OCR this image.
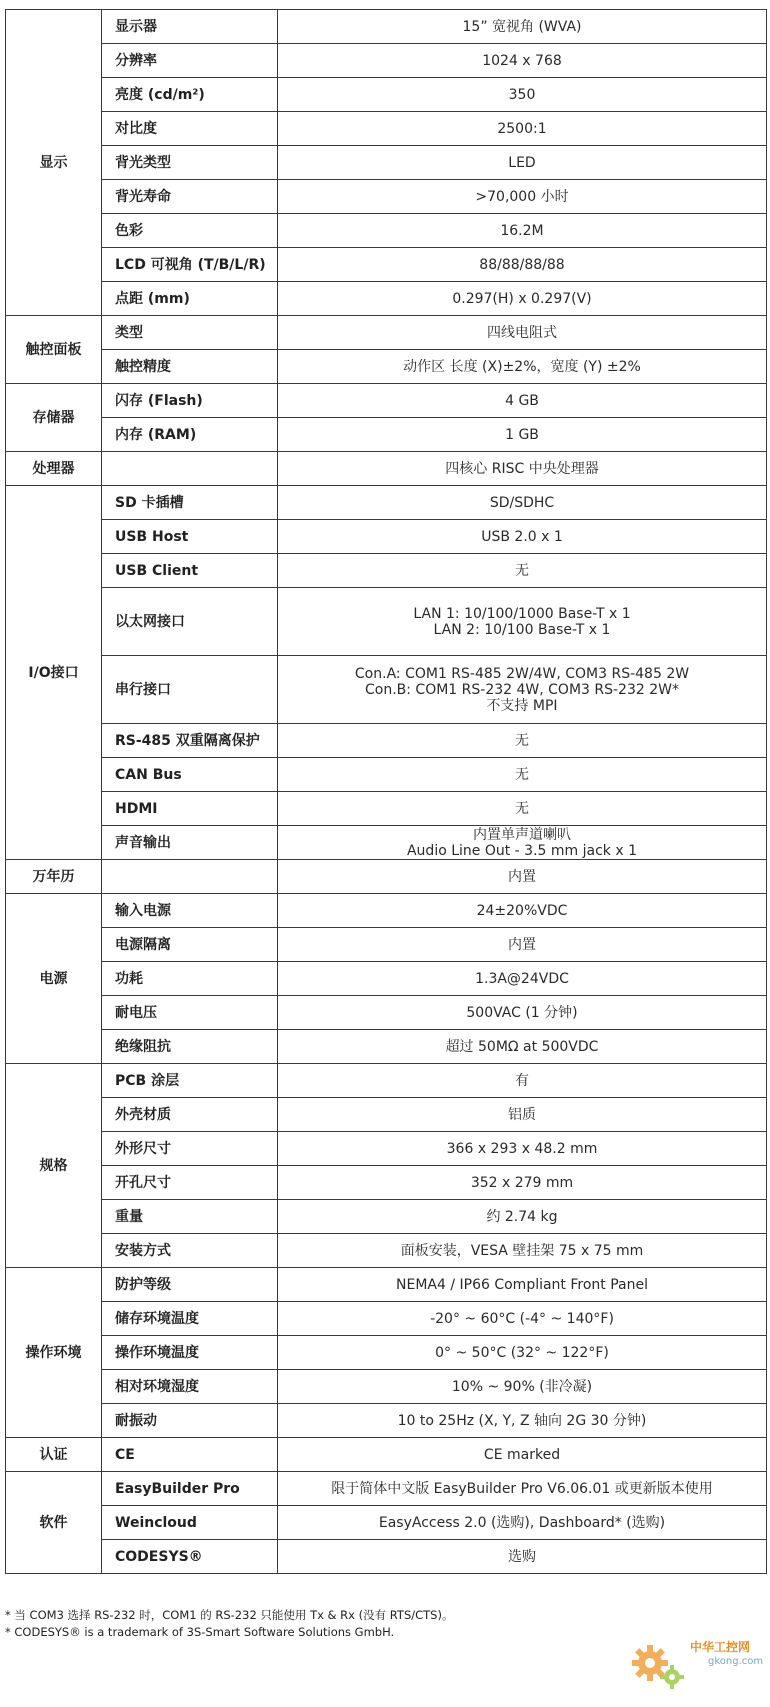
显示	显示器	15” 宽视角 (WVA)
	分辨率	1024 x 768
	亮度 (cd/m²)	350
	对比度	2500:1
	背光类型	LED
	背光寿命	>70,000 小时
	色彩	16.2M
	LCD 可视角 (T/B/L/R)	88/88/88/88
	点距 (mm)	0.297(H) x 0.297(V)
触控面板	类型	四线电阻式
	触控精度	动作区 长度 (X)±2%，宽度 (Y) ±2%
存储器	闪存 (Flash)	4 GB
	内存 (RAM)	1 GB
处理器		四核心 RISC 中央处理器
I/O接口	SD 卡插槽	SD/SDHC
	USB Host	USB 2.0 x 1
	USB Client	无
	以太网接口	LAN 1: 10/100/1000 Base-T x 1
LAN 2: 10/100 Base-T x 1
	串行接口	Con.A: COM1 RS-485 2W/4W, COM3 RS-485 2W
Con.B: COM1 RS-232 4W, COM3 RS-232 2W*
不支持 MPI
	RS-485 双重隔离保护	无
	CAN Bus	无
	HDMI	无
	声音输出	内置单声道喇叭
Audio Line Out - 3.5 mm jack x 1
万年历		内置
电源	输入电源	24±20%VDC
	电源隔离	内置
	功耗	1.3A@24VDC
	耐电压	500VAC (1 分钟)
	绝缘阻抗	超过 50MΩ at 500VDC
规格	PCB 涂层	有
	外壳材质	铝质
	外形尺寸	366 x 293 x 48.2 mm
	开孔尺寸	352 x 279 mm
	重量	约 2.74 kg
	安装方式	面板安装，VESA 壁挂架 75 x 75 mm
操作环境	防护等级	NEMA4 / IP66 Compliant Front Panel
	储存环境温度	-20° ~ 60°C (-4° ~ 140°F)
	操作环境温度	0° ~ 50°C (32° ~ 122°F)
	相对环境湿度	10% ~ 90% (非冷凝)
	耐振动	10 to 25Hz (X, Y, Z 轴向 2G 30 分钟)
认证	CE	CE marked
软件	EasyBuilder Pro	限于简体中文版 EasyBuilder Pro V6.06.01 或更新版本使用
	Weincloud	EasyAccess 2.0 (选购), Dashboard* (选购)
	CODESYS®	选购
* 当 COM3 选择 RS-232 时，COM1 的 RS-232 只能使用 Tx & Rx (没有 RTS/CTS)。
* CODESYS® is a trademark of 3S-Smart Software Solutions GmbH.
中华工控网
gkong.com
